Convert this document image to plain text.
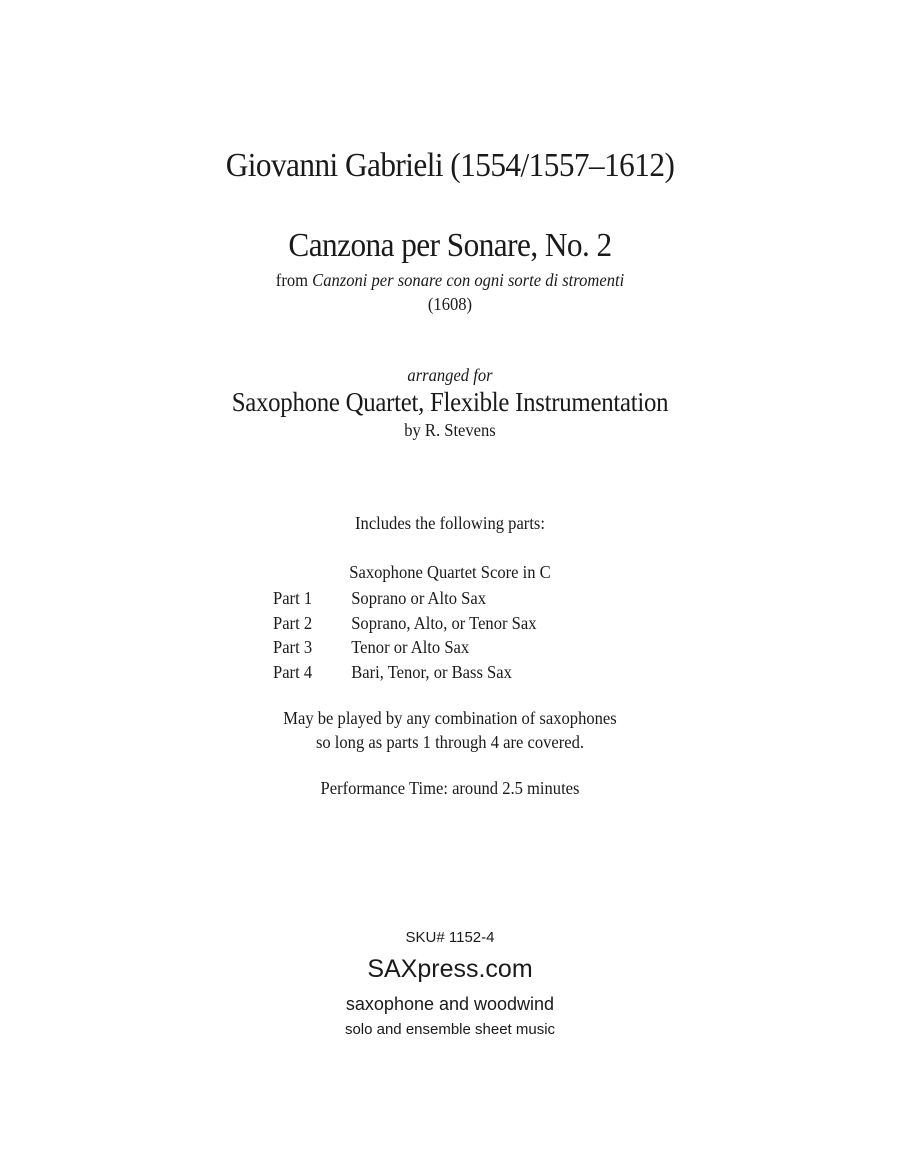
Giovanni Gabrieli (1554/1557–1612)
Canzona per Sonare, No. 2
from Canzoni per sonare con ogni sorte di stromenti
(1608)
arranged for
Saxophone Quartet, Flexible Instrumentation
by R. Stevens
Includes the following parts:
Saxophone Quartet Score in C
Part 1	Soprano or Alto Sax
Part 2	Soprano, Alto, or Tenor Sax
Part 3	Tenor or Alto Sax
Part 4	Bari, Tenor, or Bass Sax
May be played by any combination of saxophones
so long as parts 1 through 4 are covered.
Performance Time: around 2.5 minutes
SKU# 1152-4
SAXpress.com
saxophone and woodwind
solo and ensemble sheet music
